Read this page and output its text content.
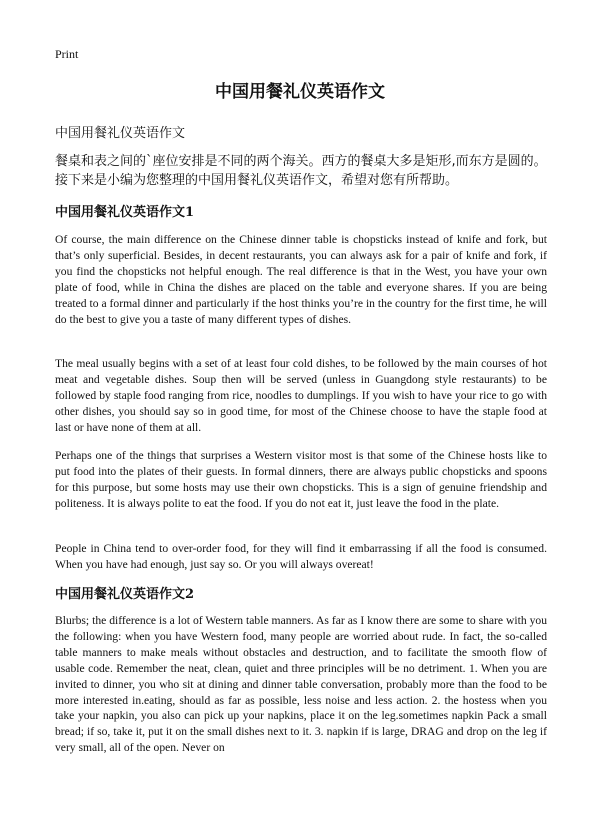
Print
中国用餐礼仪英语作文
中国用餐礼仪英语作文
餐桌和表之间的`座位安排是不同的两个海关。西方的餐桌大多是矩形,而东方是圆的。接下来是小编为您整理的中国用餐礼仪英语作文，希望对您有所帮助。
中国用餐礼仪英语作文1
Of course, the main difference on the Chinese dinner table is chopsticks instead of knife and fork, but that’s only superficial. Besides, in decent restaurants, you can always ask for a pair of knife and fork, if you find the chopsticks not helpful enough. The real difference is that in the West, you have your own plate of food, while in China the dishes are placed on the table and everyone shares. If you are being treated to a formal dinner and particularly if the host thinks you’re in the country for the first time, he will do the best to give you a taste of many different types of dishes.
The meal usually begins with a set of at least four cold dishes, to be followed by the main courses of hot meat and vegetable dishes. Soup then will be served (unless in Guangdong style restaurants) to be followed by staple food ranging from rice, noodles to dumplings. If you wish to have your rice to go with other dishes, you should say so in good time, for most of the Chinese choose to have the staple food at last or have none of them at all.
Perhaps one of the things that surprises a Western visitor most is that some of the Chinese hosts like to put food into the plates of their guests. In formal dinners, there are always public chopsticks and spoons for this purpose, but some hosts may use their own chopsticks. This is a sign of genuine friendship and politeness. It is always polite to eat the food. If you do not eat it, just leave the food in the plate.
People in China tend to over-order food, for they will find it embarrassing if all the food is consumed. When you have had enough, just say so. Or you will always overeat!
中国用餐礼仪英语作文2
Blurbs; the difference is a lot of Western table manners. As far as I know there are some to share with you the following: when you have Western food, many people are worried about rude. In fact, the so-called table manners to make meals without obstacles and destruction, and to facilitate the smooth flow of usable code. Remember the neat, clean, quiet and three principles will be no detriment. 1. When you are invited to dinner, you who sit at dining and dinner table conversation, probably more than the food to be more interested in.eating, should as far as possible, less noise and less action. 2. the hostess when you take your napkin, you also can pick up your napkins, place it on the leg.sometimes napkin Pack a small bread; if so, take it, put it on the small dishes next to it. 3. napkin if is large, DRAG and drop on the leg if very small, all of the open. Never on
